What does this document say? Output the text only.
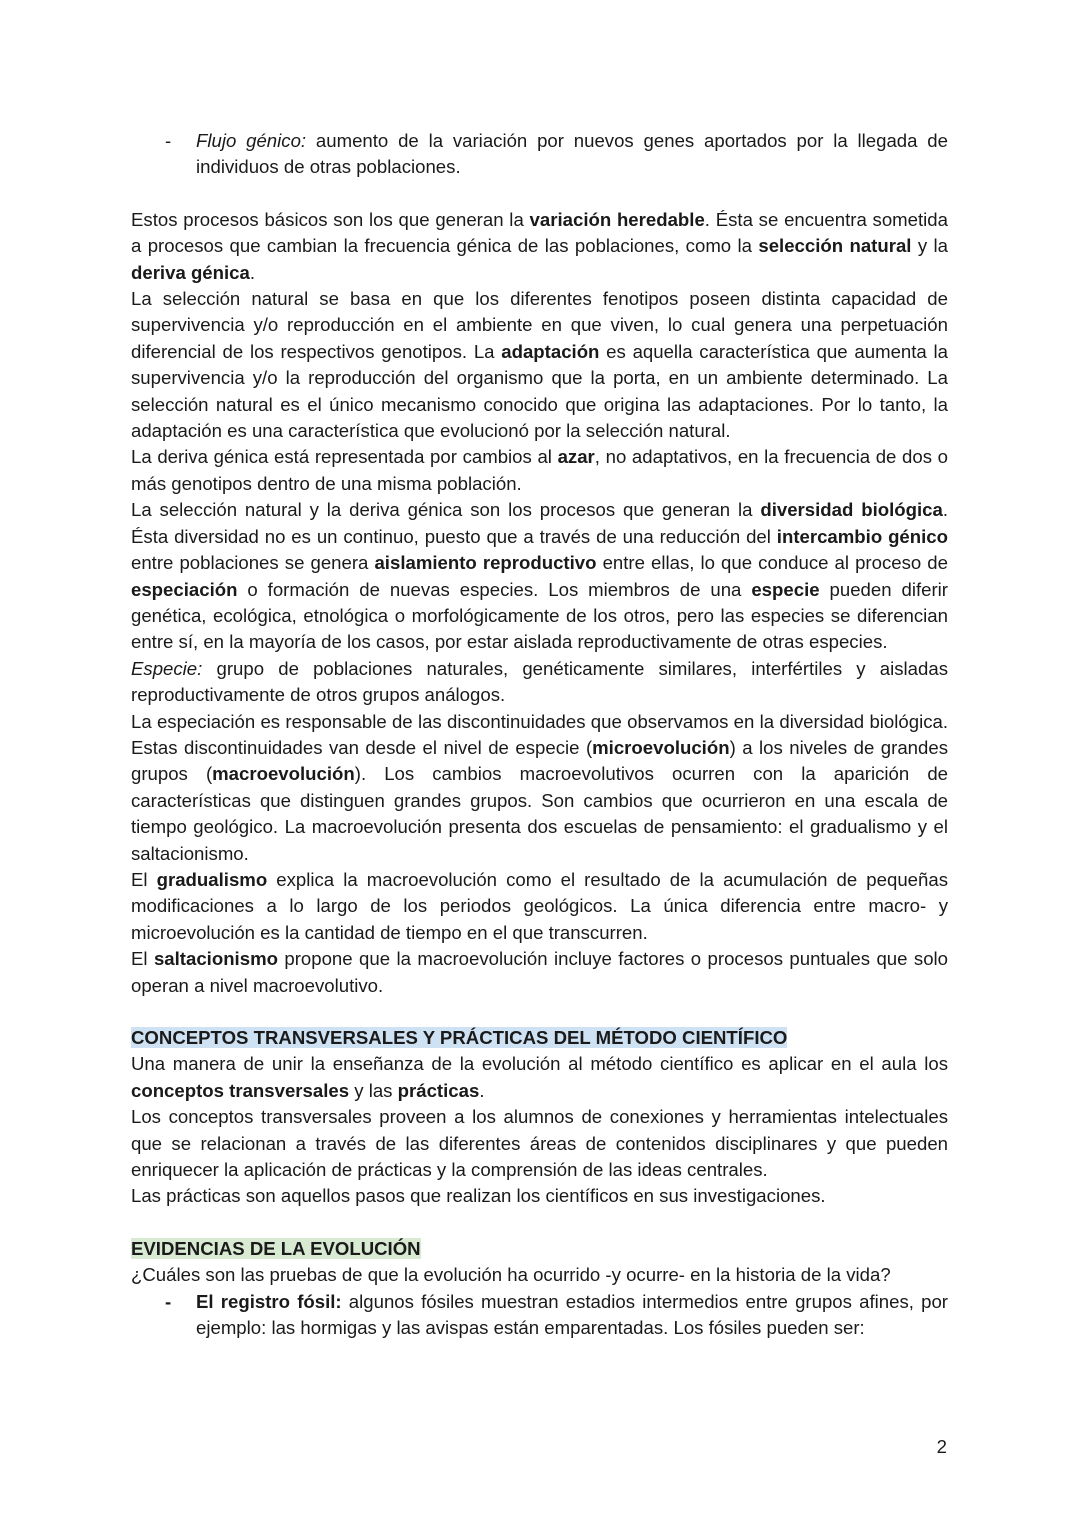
- Flujo génico: aumento de la variación por nuevos genes aportados por la llegada de individuos de otras poblaciones.

Estos procesos básicos son los que generan la variación heredable. Ésta se encuentra sometida a procesos que cambian la frecuencia génica de las poblaciones, como la selección natural y la deriva génica.

La selección natural se basa en que los diferentes fenotipos poseen distinta capacidad de supervivencia y/o reproducción en el ambiente en que viven, lo cual genera una perpetuación diferencial de los respectivos genotipos. La adaptación es aquella característica que aumenta la supervivencia y/o la reproducción del organismo que la porta, en un ambiente determinado. La selección natural es el único mecanismo conocido que origina las adaptaciones. Por lo tanto, la adaptación es una característica que evolucionó por la selección natural.

La deriva génica está representada por cambios al azar, no adaptativos, en la frecuencia de dos o más genotipos dentro de una misma población.

La selección natural y la deriva génica son los procesos que generan la diversidad biológica. Ésta diversidad no es un continuo, puesto que a través de una reducción del intercambio génico entre poblaciones se genera aislamiento reproductivo entre ellas, lo que conduce al proceso de especiación o formación de nuevas especies. Los miembros de una especie pueden diferir genética, ecológica, etnológica o morfológicamente de los otros, pero las especies se diferencian entre sí, en la mayoría de los casos, por estar aislada reproductivamente de otras especies.

Especie: grupo de poblaciones naturales, genéticamente similares, interfértiles y aisladas reproductivamente de otros grupos análogos.

La especiación es responsable de las discontinuidades que observamos en la diversidad biológica. Estas discontinuidades van desde el nivel de especie (microevolución) a los niveles de grandes grupos (macroevolución). Los cambios macroevolutivos ocurren con la aparición de características que distinguen grandes grupos. Son cambios que ocurrieron en una escala de tiempo geológico. La macroevolución presenta dos escuelas de pensamiento: el gradualismo y el saltacionismo.

El gradualismo explica la macroevolución como el resultado de la acumulación de pequeñas modificaciones a lo largo de los periodos geológicos. La única diferencia entre macro- y microevolución es la cantidad de tiempo en el que transcurren.

El saltacionismo propone que la macroevolución incluye factores o procesos puntuales que solo operan a nivel macroevolutivo.

CONCEPTOS TRANSVERSALES Y PRÁCTICAS DEL MÉTODO CIENTÍFICO

Una manera de unir la enseñanza de la evolución al método científico es aplicar en el aula los conceptos transversales y las prácticas.

Los conceptos transversales proveen a los alumnos de conexiones y herramientas intelectuales que se relacionan a través de las diferentes áreas de contenidos disciplinares y que pueden enriquecer la aplicación de prácticas y la comprensión de las ideas centrales.

Las prácticas son aquellos pasos que realizan los científicos en sus investigaciones.

EVIDENCIAS DE LA EVOLUCIÓN

¿Cuáles son las pruebas de que la evolución ha ocurrido -y ocurre- en la historia de la vida?

- El registro fósil: algunos fósiles muestran estadios intermedios entre grupos afines, por ejemplo: las hormigas y las avispas están emparentadas. Los fósiles pueden ser:
2
